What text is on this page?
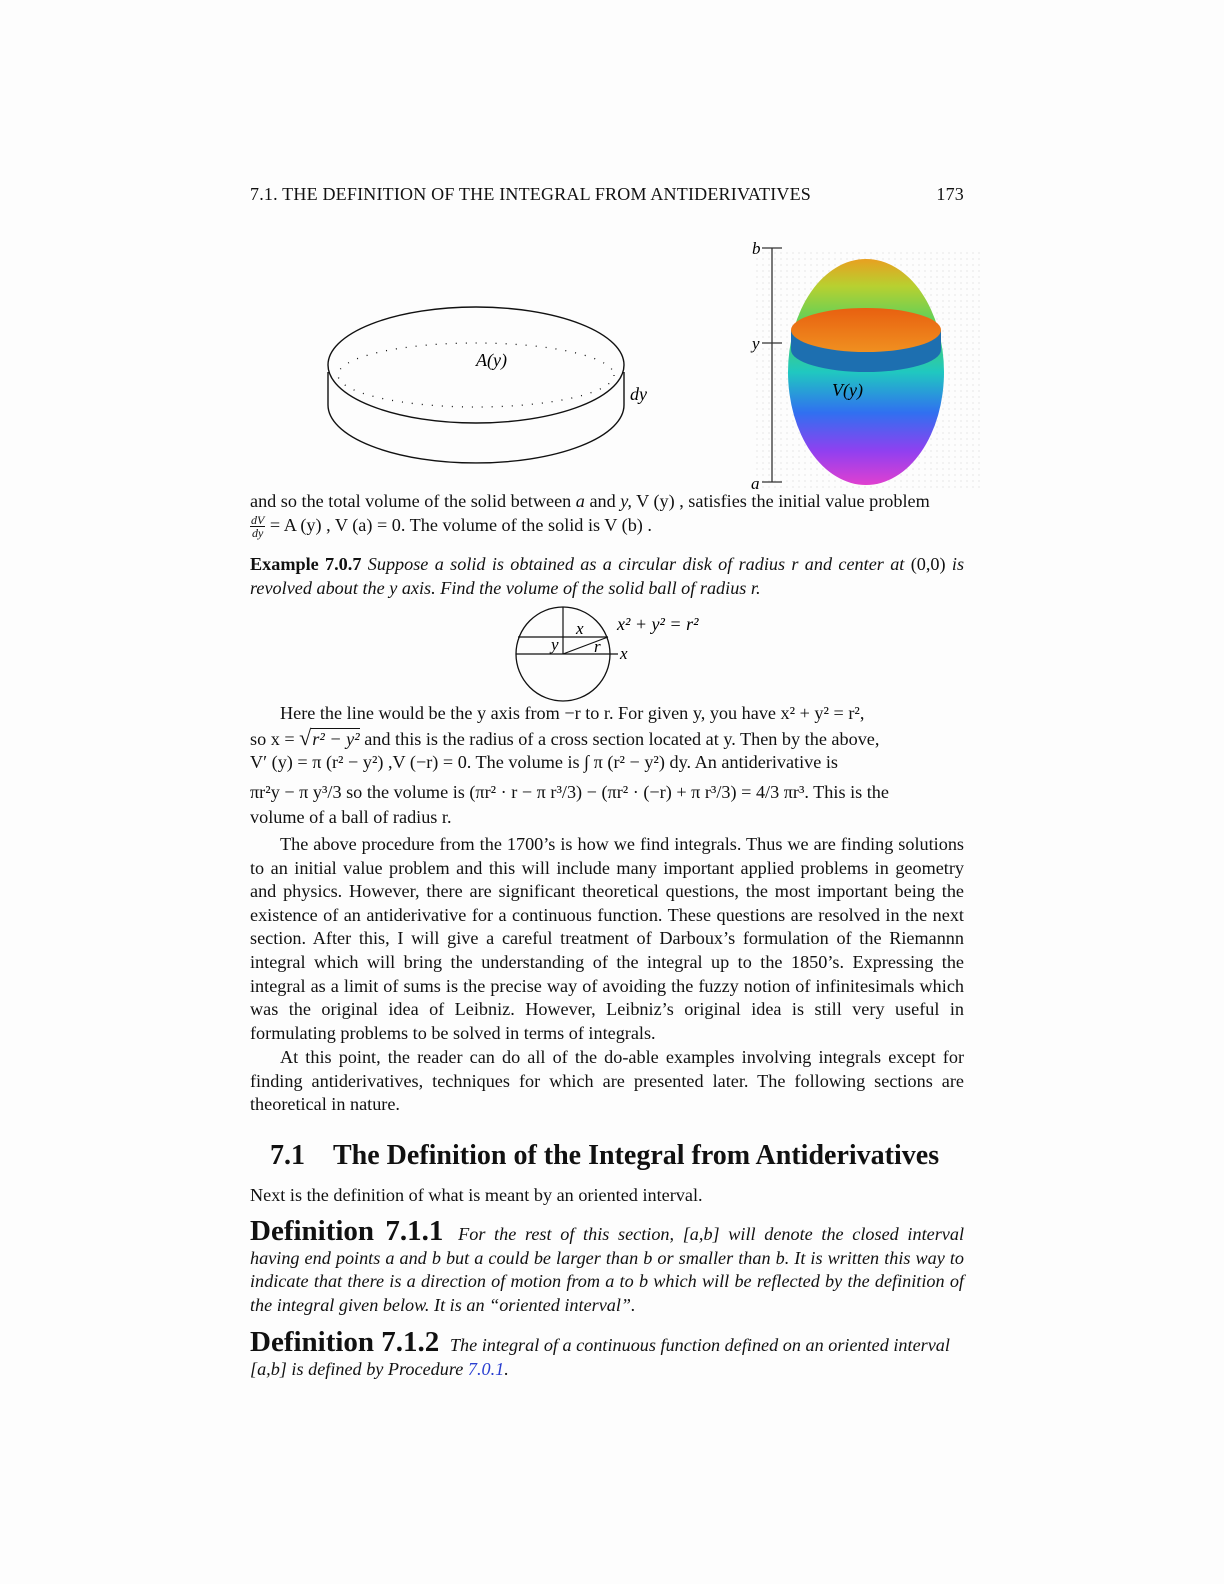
7.1. THE DEFINITION OF THE INTEGRAL FROM ANTIDERIVATIVES	173
A(y)
dy
b
y
a
V(y)

and so the total volume of the solid between a and y, V (y) , satisfies the initial value problem

$\frac{dV}{dy} = A$ (y) , V (a) = 0. The volume of the solid is V (b) .

Example 7.0.7 Suppose a solid is obtained as a circular disk of radius r and center at (0,0) is revolved about the y axis. Find the volume of the solid ball of radius r.

x
y r x
x² + y² = r²

Here the line would be the y axis from −r to r. For given y, you have x² + y² = r²,

so x = √r² − y² and this is the radius of a cross section located at y. Then by the above,

V′ (y) = π (r² − y²) ,V (−r) = 0. The volume is ∫ π (r² − y²) dy. An antiderivative is

πr²y − π y³/3 so the volume is (πr² · r − π r³/3) − (πr² · (−r) + π r³/3) = 4/3 πr³. This is the

volume of a ball of radius r.

The above procedure from the 1700’s is how we find integrals. Thus we are finding solutions to an initial value problem and this will include many important applied problems in geometry and physics. However, there are significant theoretical questions, the most important being the existence of an antiderivative for a continuous function. These questions are resolved in the next section. After this, I will give a careful treatment of Darboux’s formulation of the Riemannn integral which will bring the understanding of the integral up to the 1850’s. Expressing the integral as a limit of sums is the precise way of avoiding the fuzzy notion of infinitesimals which was the original idea of Leibniz. However, Leibniz’s original idea is still very useful in formulating problems to be solved in terms of integrals.

At this point, the reader can do all of the do-able examples involving integrals except for finding antiderivatives, techniques for which are presented later. The following sections are theoretical in nature.

7.1 The Definition of the Integral from Antiderivatives

Next is the definition of what is meant by an oriented interval.

Definition 7.1.1 For the rest of this section, [a,b] will denote the closed interval having end points a and b but a could be larger than b or smaller than b. It is written this way to indicate that there is a direction of motion from a to b which will be reflected by the definition of the integral given below. It is an “oriented interval”.

Definition 7.1.2 The integral of a continuous function defined on an oriented interval [a,b] is defined by Procedure 7.0.1.
